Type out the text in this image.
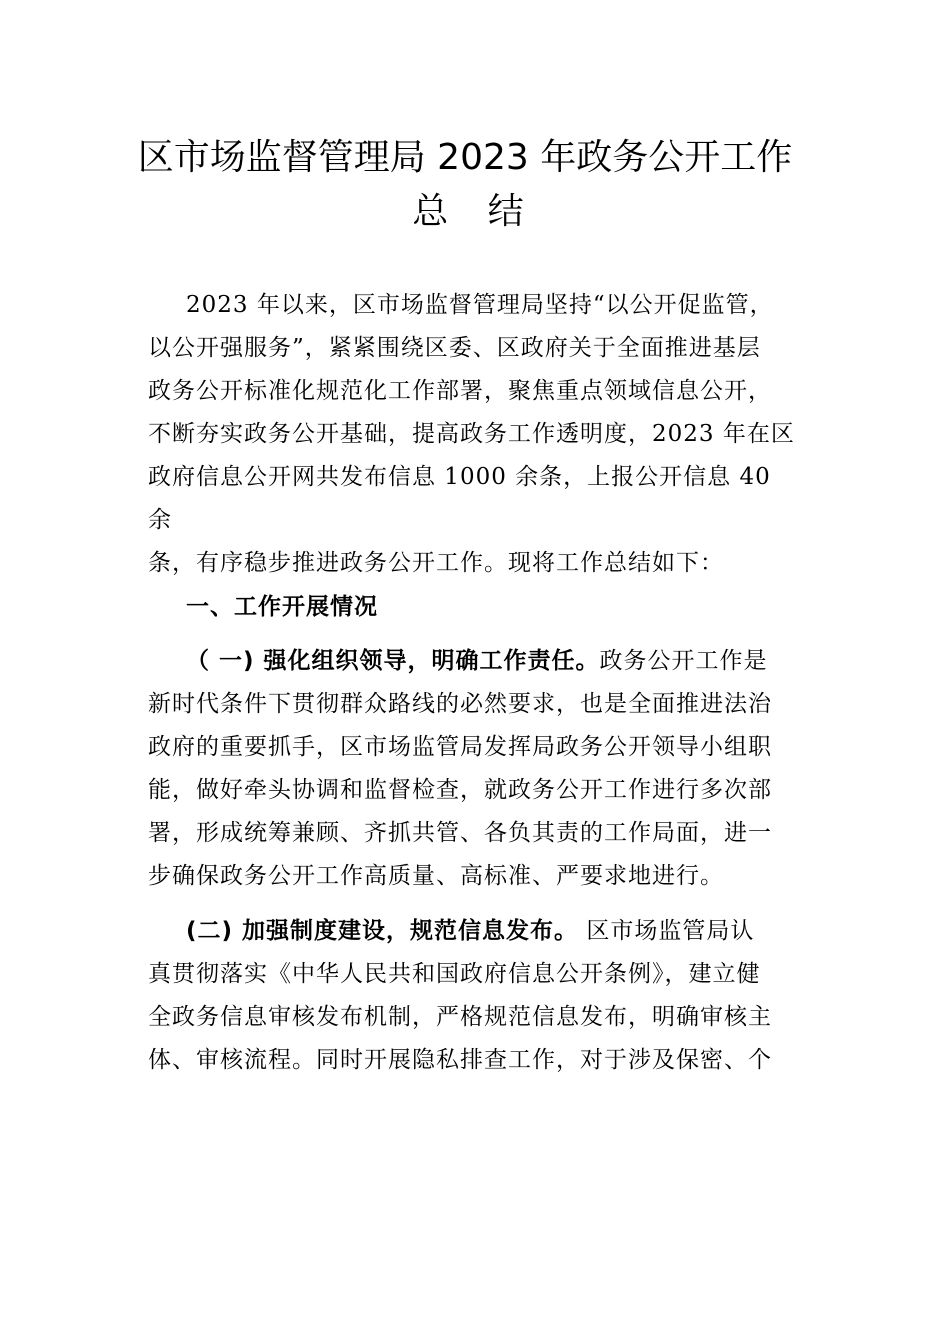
区市场监督管理局 2023 年政务公开工作
总 结
2023 年以来，区市场监督管理局坚持“以公开促监管，
以公开强服务”，紧紧围绕区委、区政府关于全面推进基层
政务公开标准化规范化工作部署，聚焦重点领域信息公开，
不断夯实政务公开基础，提高政务工作透明度，2023 年在区
政府信息公开网共发布信息 1000 余条，上报公开信息 40
余
条，有序稳步推进政务公开工作。现将工作总结如下：
一、工作开展情况
（ 一) 强化组织领导，明确工作责任。政务公开工作是
新时代条件下贯彻群众路线的必然要求，也是全面推进法治
政府的重要抓手，区市场监管局发挥局政务公开领导小组职
能，做好牵头协调和监督检查，就政务公开工作进行多次部
署，形成统筹兼顾、齐抓共管、各负其责的工作局面，进一
步确保政务公开工作高质量、高标准、严要求地进行。
(二) 加强制度建设，规范信息发布。 区市场监管局认
真贯彻落实《中华人民共和国政府信息公开条例》，建立健
全政务信息审核发布机制，严格规范信息发布，明确审核主
体、审核流程。同时开展隐私排查工作，对于涉及保密、个
